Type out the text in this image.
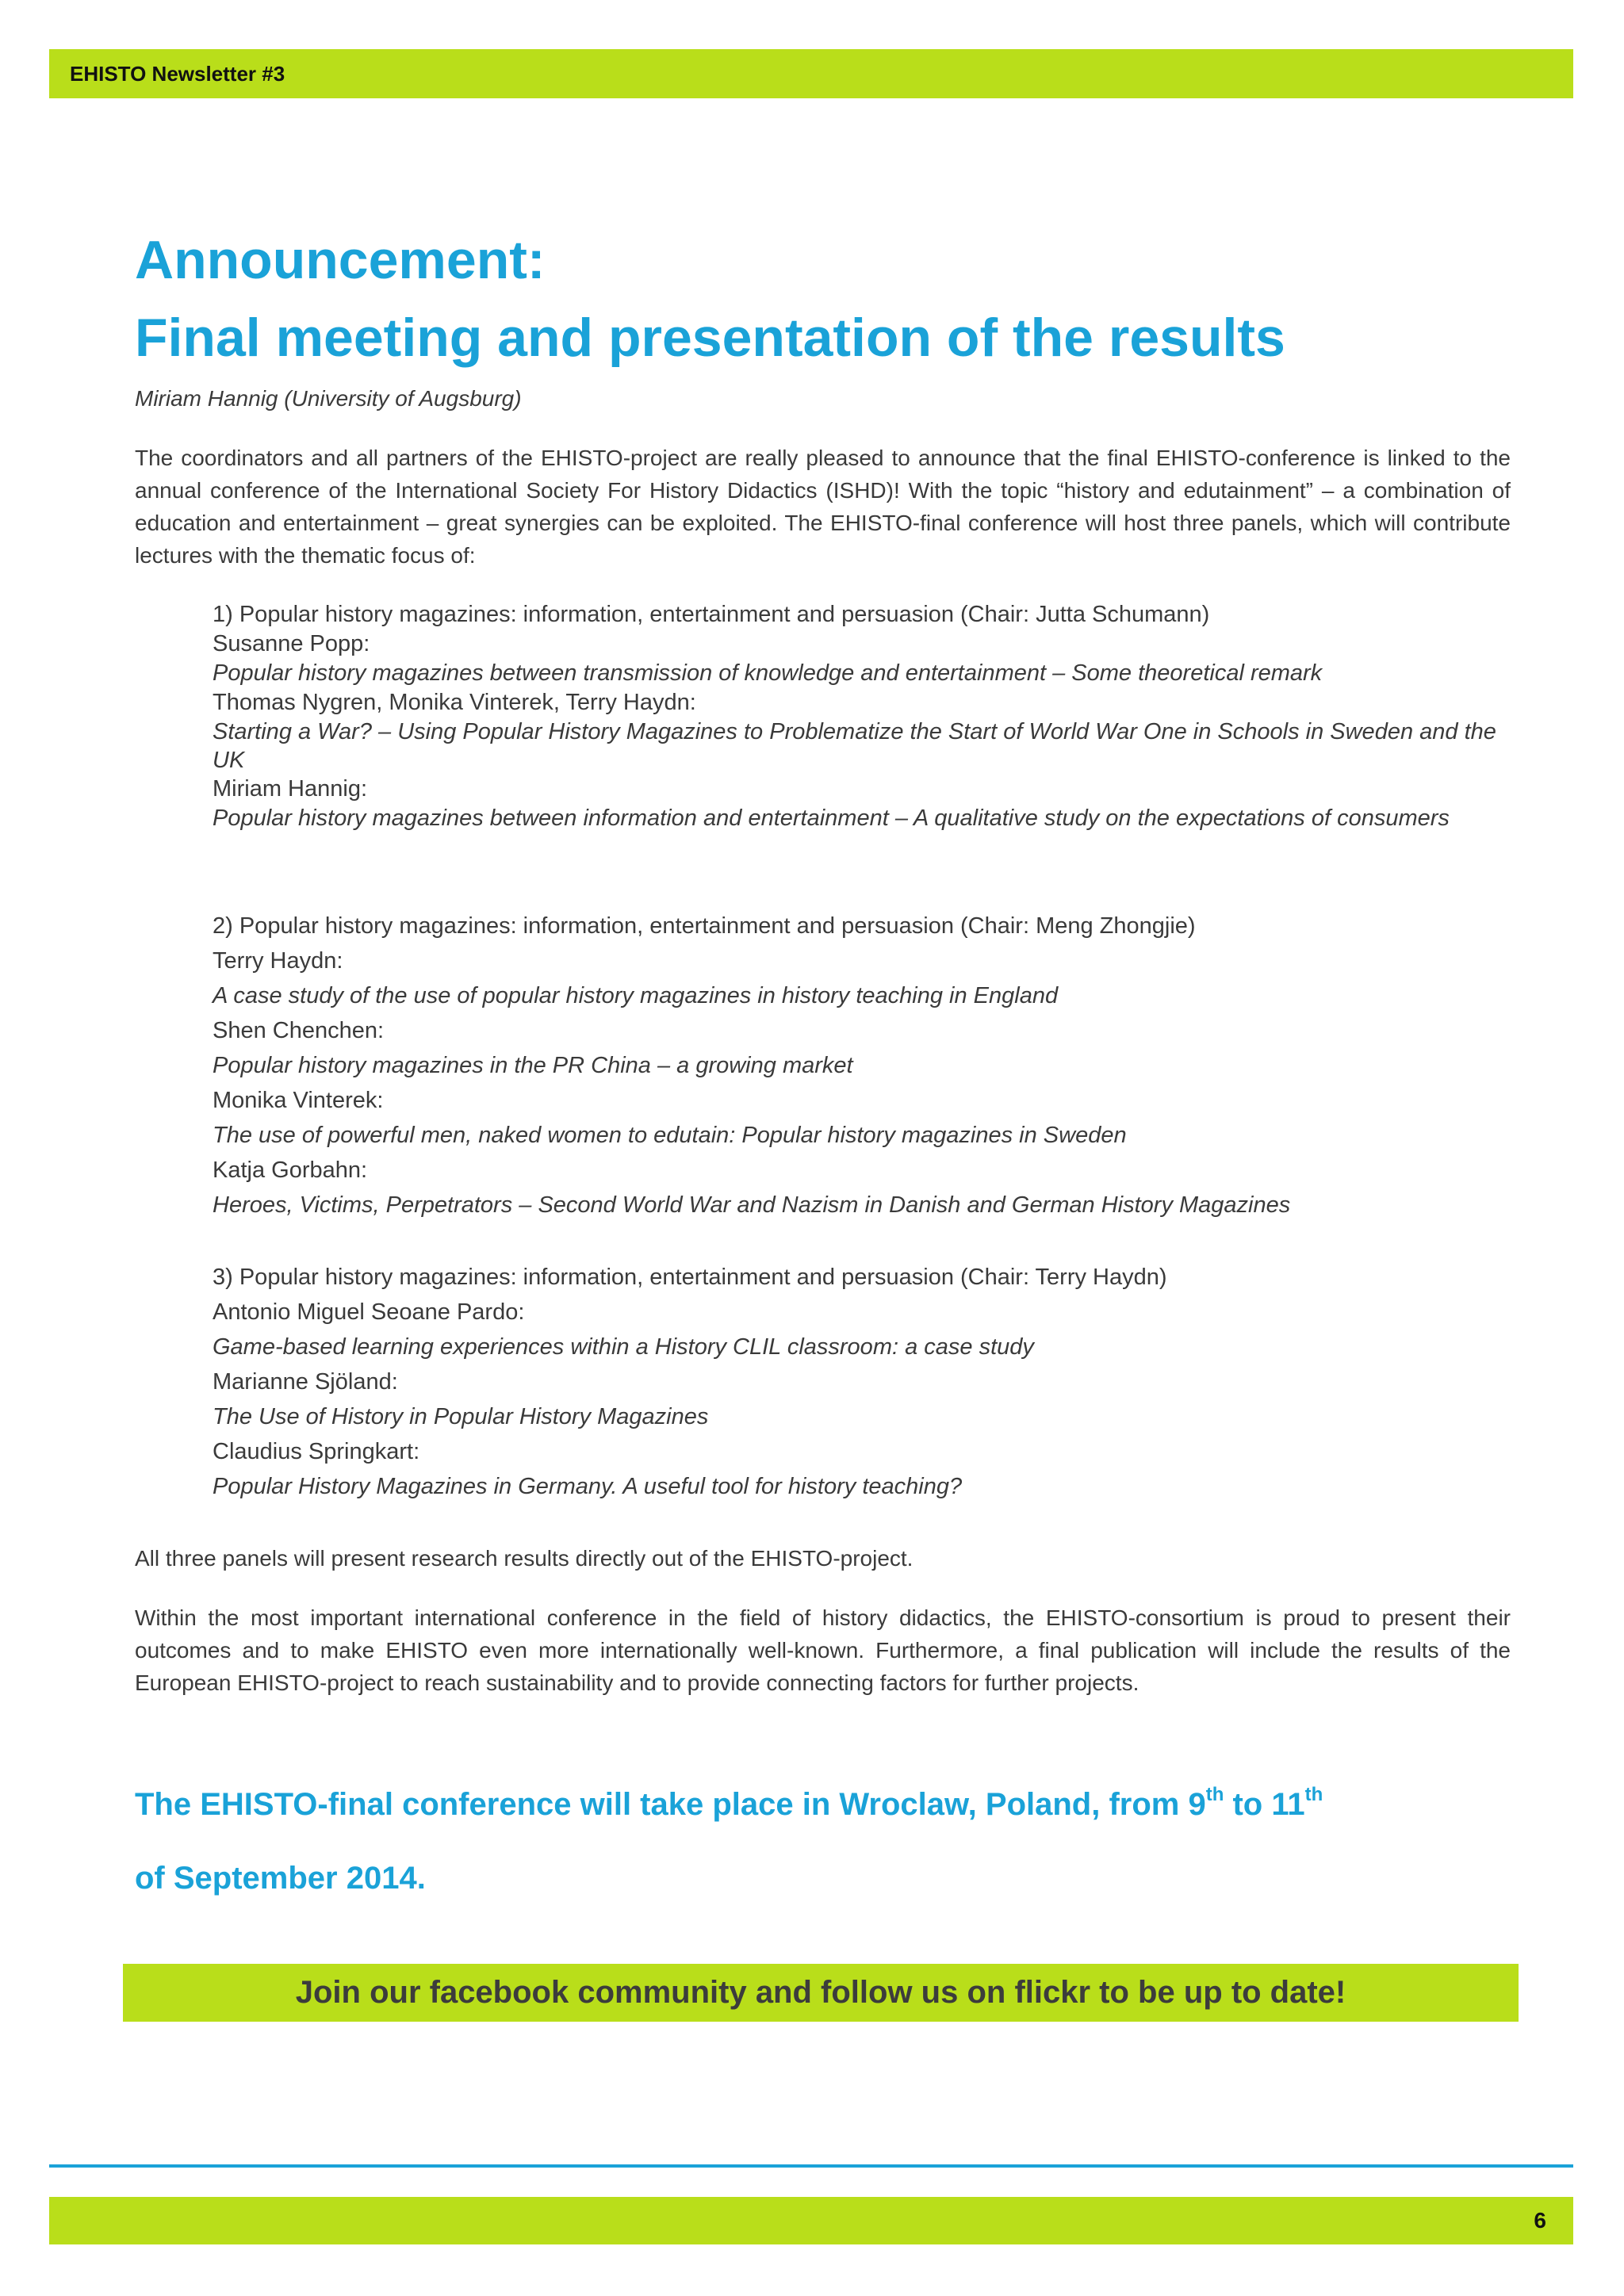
EHISTO Newsletter #3
Announcement:
Final meeting and presentation of the results
Miriam Hannig (University of Augsburg)

The coordinators and all partners of the EHISTO-project are really pleased to announce that the final EHISTO-conference is linked to the annual conference of the International Society For History Didactics (ISHD)! With the topic “history and edutainment” – a combination of education and entertainment – great synergies can be exploited. The EHISTO-final conference will host three panels, which will contribute lectures with the thematic focus of:

1) Popular history magazines: information, entertainment and persuasion (Chair: Jutta Schumann)

Susanne Popp:

Popular history magazines between transmission of knowledge and entertainment – Some theoretical remark

Thomas Nygren, Monika Vinterek, Terry Haydn:

Starting a War? – Using Popular History Magazines to Problematize the Start of World War One in Schools in Sweden and the UK

Miriam Hannig:

Popular history magazines between information and entertainment – A qualitative study on the expectations of consumers

2) Popular history magazines: information, entertainment and persuasion (Chair: Meng Zhongjie)

Terry Haydn:

A case study of the use of popular history magazines in history teaching in England

Shen Chenchen:

Popular history magazines in the PR China – a growing market

Monika Vinterek:

The use of powerful men, naked women to edutain: Popular history magazines in Sweden

Katja Gorbahn:

Heroes, Victims, Perpetrators – Second World War and Nazism in Danish and German History Magazines

3) Popular history magazines: information, entertainment and persuasion (Chair: Terry Haydn)

Antonio Miguel Seoane Pardo:

Game-based learning experiences within a History CLIL classroom: a case study

Marianne Sjöland:

The Use of History in Popular History Magazines

Claudius Springkart:

Popular History Magazines in Germany. A useful tool for history teaching?

All three panels will present research results directly out of the EHISTO-project.

Within the most important international conference in the field of history didactics, the EHISTO-consortium is proud to present their outcomes and to make EHISTO even more internationally well-known. Furthermore, a final publication will include the results of the European EHISTO-project to reach sustainability and to provide connecting factors for further projects.

The EHISTO-final conference will take place in Wroclaw, Poland, from 9th to 11th
of September 2014.
Join our facebook community and follow us on flickr to be up to date!
6
